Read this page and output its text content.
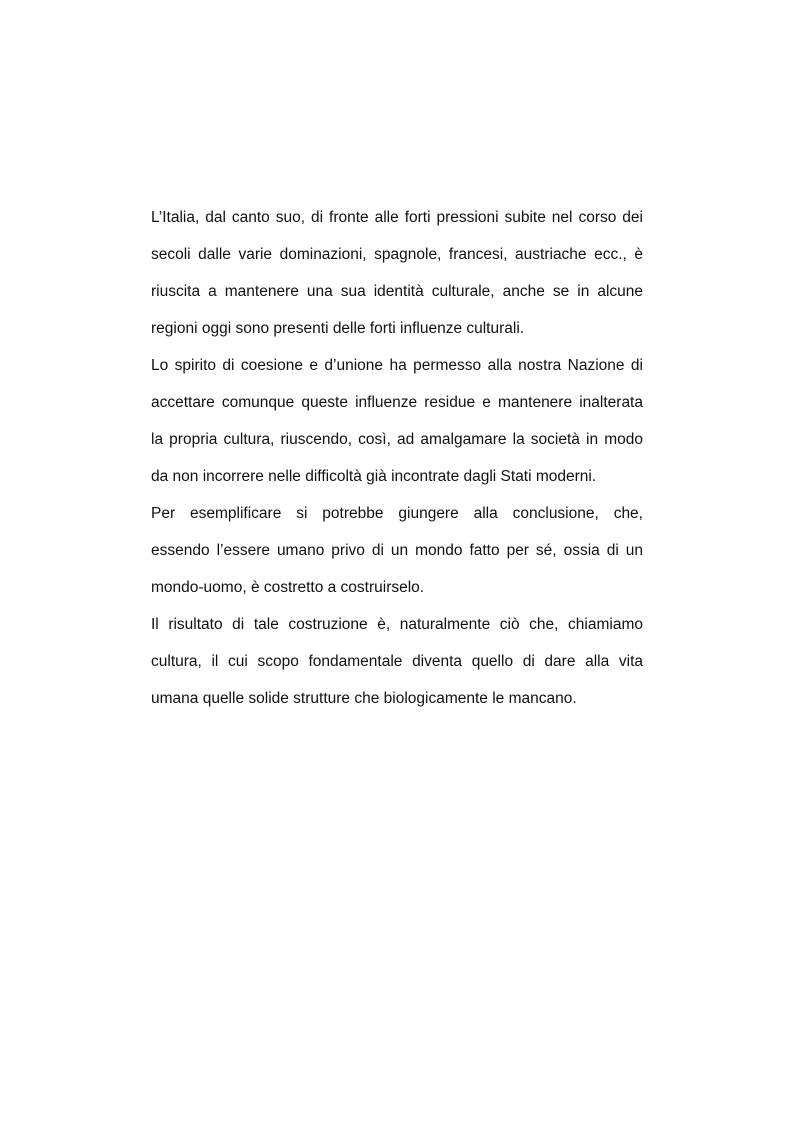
L’Italia, dal canto suo, di fronte alle forti pressioni subite nel corso dei
secoli dalle varie dominazioni, spagnole, francesi, austriache ecc., è
riuscita a mantenere una sua identità culturale, anche se in alcune
regioni oggi sono presenti delle forti influenze culturali.
Lo spirito di coesione e d’unione ha permesso alla nostra Nazione di
accettare comunque queste influenze residue e mantenere inalterata
la propria cultura, riuscendo, così, ad amalgamare la società in modo
da non incorrere nelle difficoltà già incontrate dagli Stati moderni.
Per esemplificare si potrebbe giungere alla conclusione, che,
essendo l’essere umano privo di un mondo fatto per sé, ossia di un
mondo-uomo, è costretto a costruirselo.
Il risultato di tale costruzione è, naturalmente ciò che, chiamiamo
cultura, il cui scopo fondamentale diventa quello di dare alla vita
umana quelle solide strutture che biologicamente le mancano.
